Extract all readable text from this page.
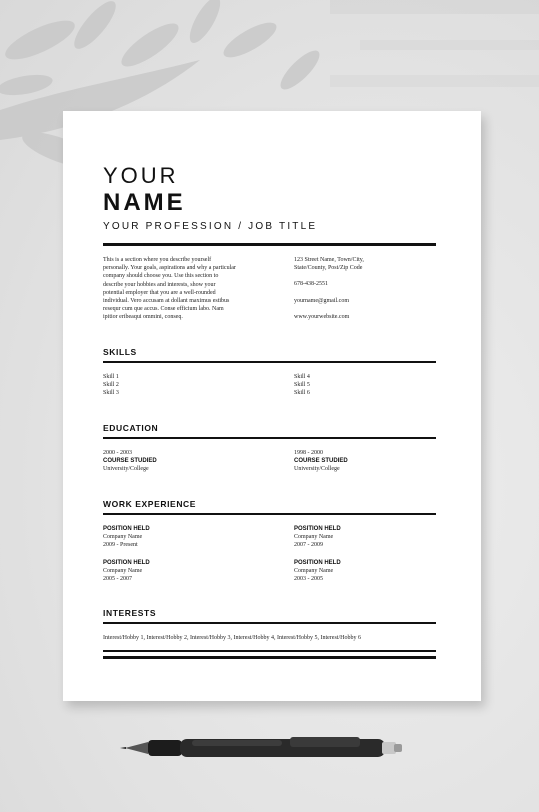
YOUR
NAME
YOUR PROFESSION / JOB TITLE
This is a section where you describe yourself
personally. Your goals, aspirations and why a particular
company should choose you. Use this section to
describe your hobbies and interests, show your
potential employer that you are a well-rounded
individual. Vero accusam at dollant maximus estibus
resequr cum que accus. Conse efficium labo. Nam
ipitior eribeaqui ommini, conseq.
123 Street Name, Town/City,
State/County, Post/Zip Code
678-438-2551
yourname@gmail.com
www.yourwebsite.com
SKILLS
Skill 1
Skill 2
Skill 3
Skill 4
Skill 5
Skill 6
EDUCATION
2000 - 2003
COURSE STUDIED
University/College
1998 - 2000
COURSE STUDIED
University/College
WORK EXPERIENCE
POSITION HELD
Company Name
2009 - Present
POSITION HELD
Company Name
2007 - 2009
POSITION HELD
Company Name
2005 - 2007
POSITION HELD
Company Name
2003 - 2005
INTERESTS
Interest/Hobby 1, Interest/Hobby 2, Interest/Hobby 3, Interest/Hobby 4, Interest/Hobby 5, Interest/Hobby 6
